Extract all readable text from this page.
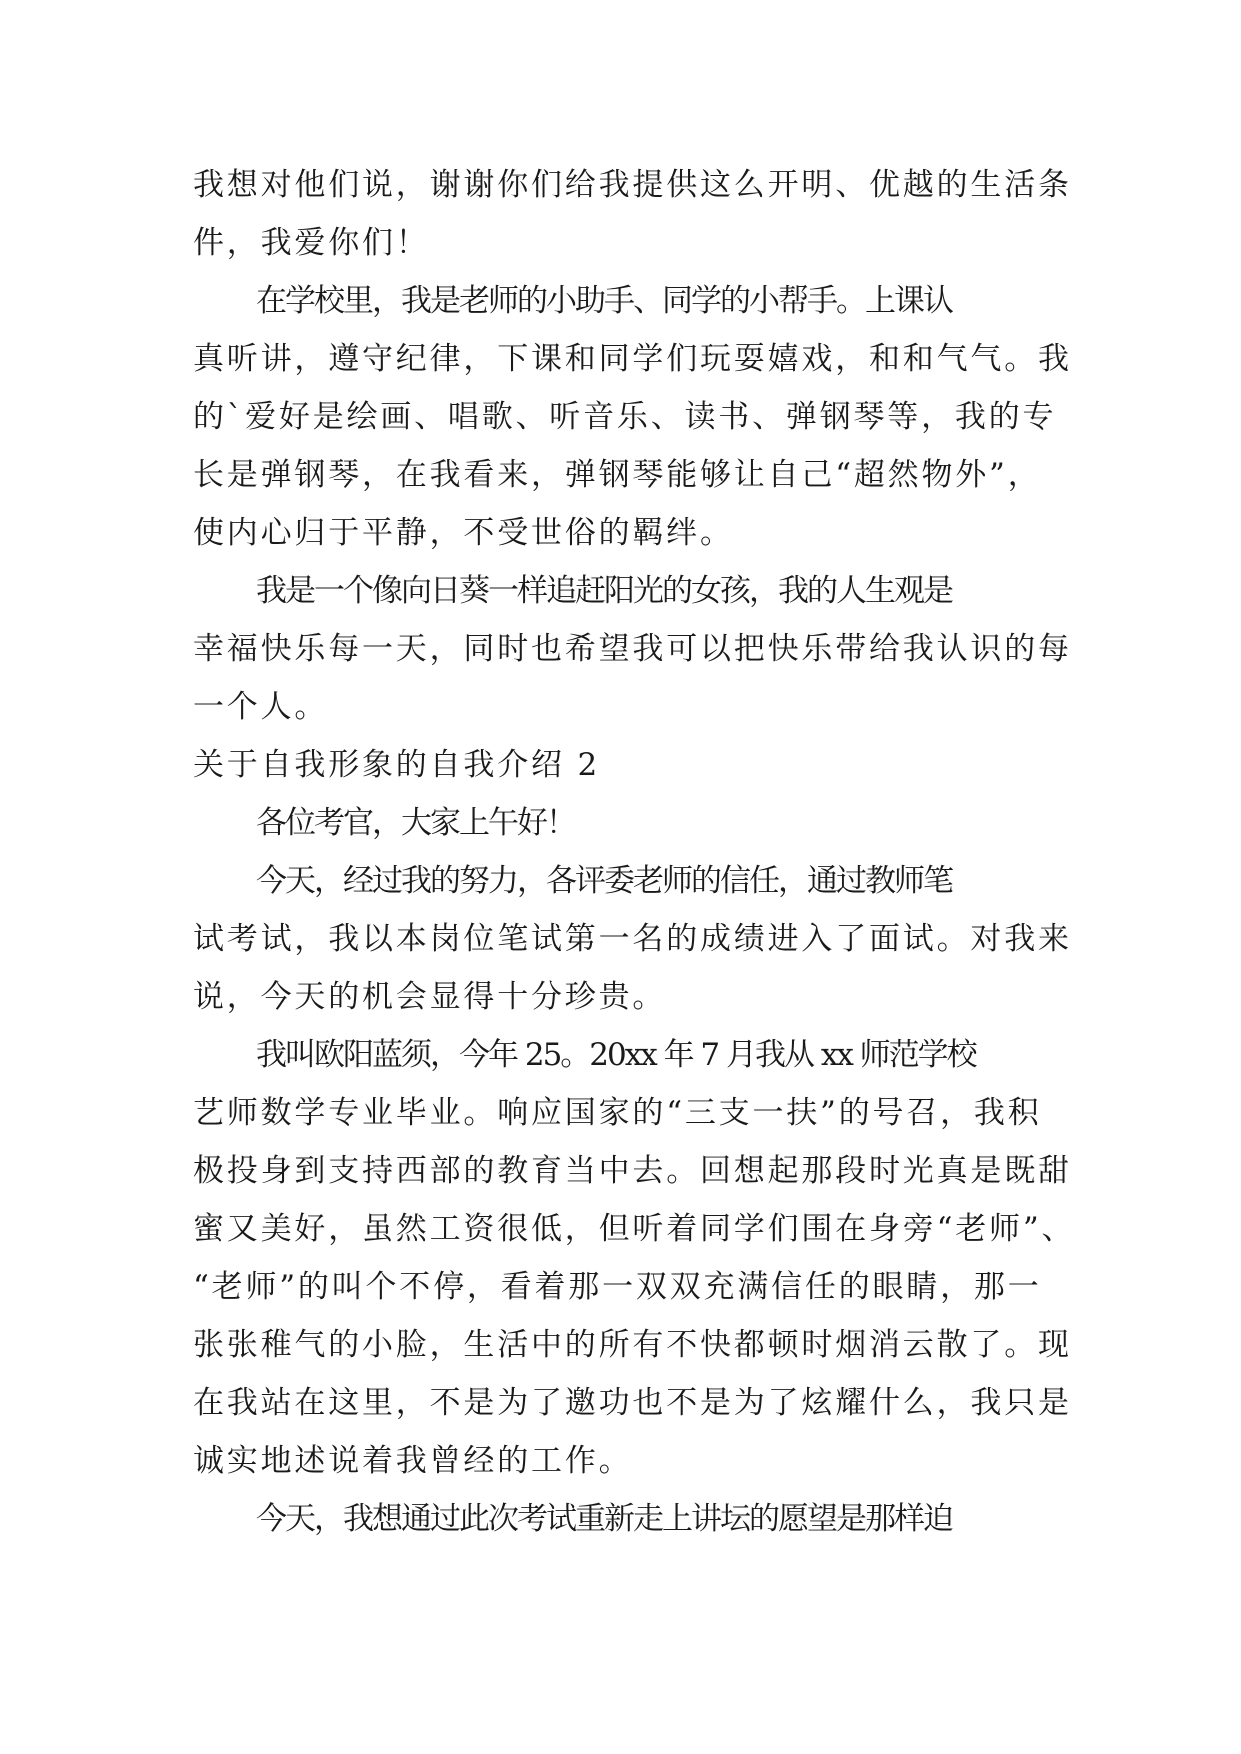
我想对他们说，谢谢你们给我提供这么开明、优越的生活条
件，我爱你们！
在学校里，我是老师的小助手、同学的小帮手。上课认
真听讲，遵守纪律，下课和同学们玩耍嬉戏，和和气气。我
的`爱好是绘画、唱歌、听音乐、读书、弹钢琴等，我的专
长是弹钢琴，在我看来，弹钢琴能够让自己“超然物外”，
使内心归于平静，不受世俗的羁绊。
我是一个像向日葵一样追赶阳光的女孩，我的人生观是
幸福快乐每一天，同时也希望我可以把快乐带给我认识的每
一个人。
关于自我形象的自我介绍 2
各位考官，大家上午好！
今天，经过我的努力，各评委老师的信任，通过教师笔
试考试，我以本岗位笔试第一名的成绩进入了面试。对我来
说，今天的机会显得十分珍贵。
我叫欧阳蓝须，今年 25。20xx 年 7 月我从 xx 师范学校
艺师数学专业毕业。响应国家的“三支一扶”的号召，我积
极投身到支持西部的教育当中去。回想起那段时光真是既甜
蜜又美好，虽然工资很低，但听着同学们围在身旁“老师”、
“老师”的叫个不停，看着那一双双充满信任的眼睛，那一
张张稚气的小脸，生活中的所有不快都顿时烟消云散了。现
在我站在这里，不是为了邀功也不是为了炫耀什么，我只是
诚实地述说着我曾经的工作。
今天，我想通过此次考试重新走上讲坛的愿望是那样迫
